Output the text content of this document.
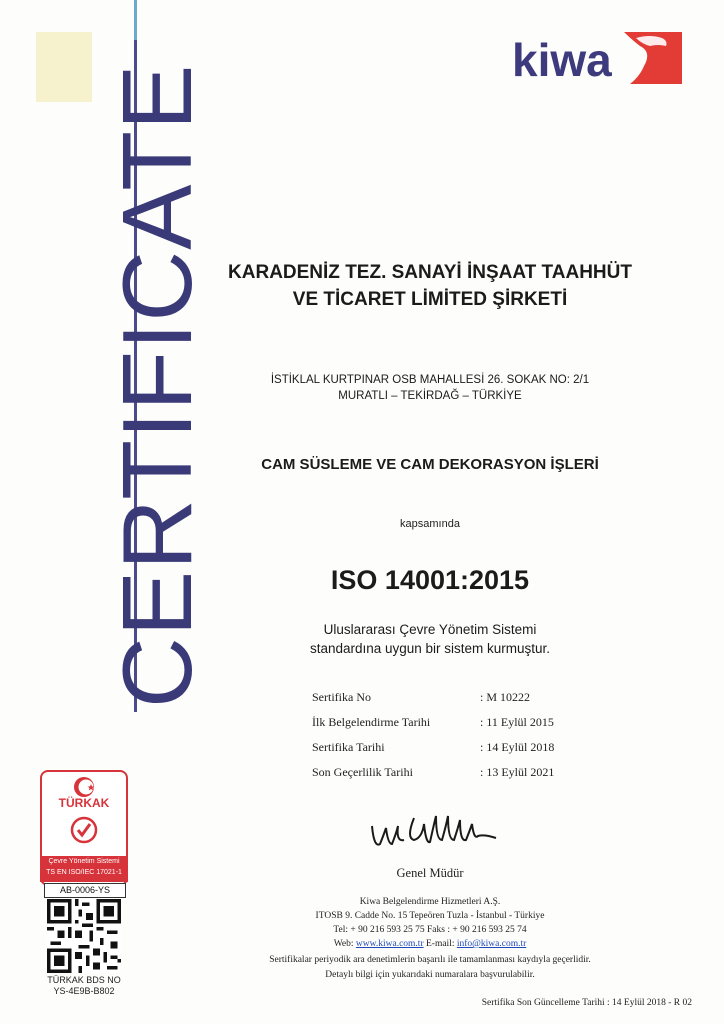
CERTIFICATE
kiwa
KARADENİZ TEZ. SANAYİ İNŞAAT TAAHHÜT
VE TİCARET LİMİTED ŞİRKETİ
İSTİKLAL KURTPINAR OSB MAHALLESİ 26. SOKAK NO: 2/1
MURATLI – TEKİRDAĞ – TÜRKİYE
CAM SÜSLEME VE CAM DEKORASYON İŞLERİ
kapsamında
ISO 14001:2015
Uluslararası Çevre Yönetim Sistemi
standardına uygun bir sistem kurmuştur.
Sertifika No	: M 10222
İlk Belgelendirme Tarihi	: 11 Eylül 2015
Sertifika Tarihi	: 14 Eylül 2018
Son Geçerlilik Tarihi	: 13 Eylül 2021
Genel Müdür
Kiwa Belgelendirme Hizmetleri A.Ş.
ITOSB 9. Cadde No. 15 Tepeören Tuzla - İstanbul - Türkiye
Tel: + 90 216 593 25 75 Faks : + 90 216 593 25 74
Web: www.kiwa.com.tr E-mail: info@kiwa.com.tr
Sertifikalar periyodik ara denetimlerin başarılı ile tamamlanması kaydıyla geçerlidir.
Detaylı bilgi için yukarıdaki numaralara başvurulabilir.
Sertifika Son Güncelleme Tarihi : 14 Eylül 2018 - R 02
TÜRKAK
Çevre Yönetim Sistemi
TS EN ISO/IEC 17021-1
AB-0006-YS
TÜRKAK BDS NO
YS-4E9B-B802
